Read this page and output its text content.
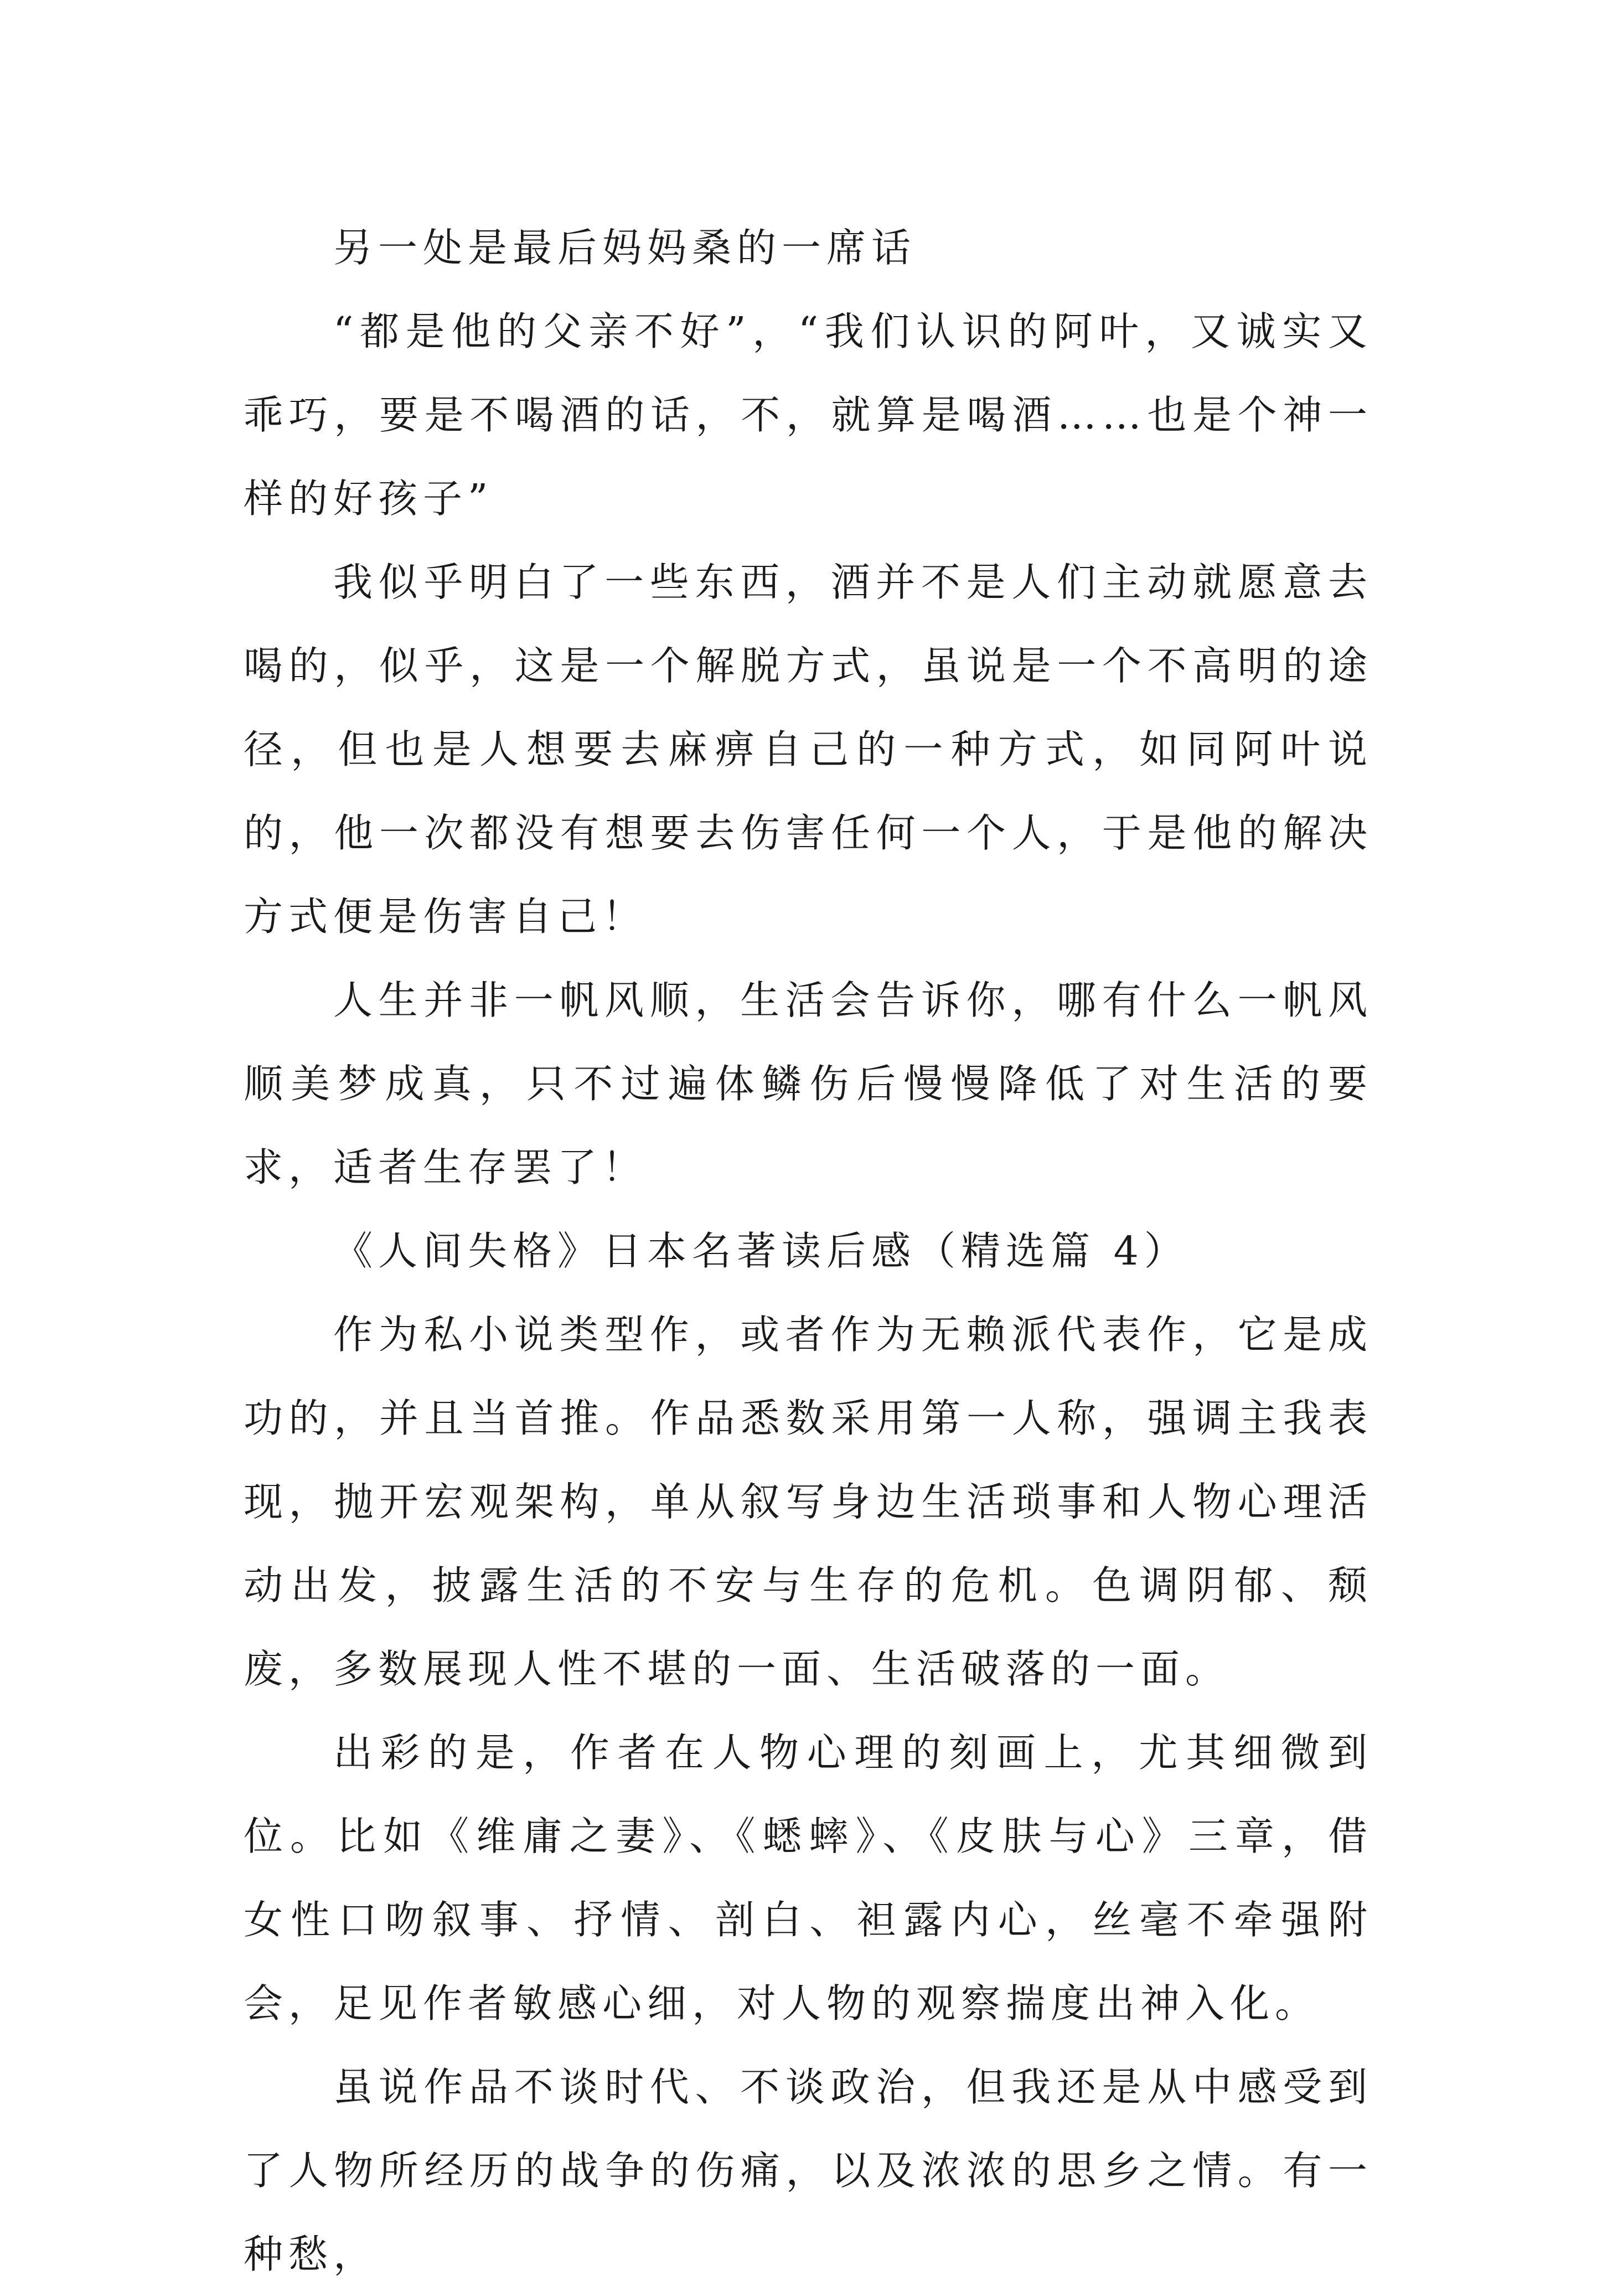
另一处是最后妈妈桑的一席话

“都是他的父亲不好”，“我们认识的阿叶，又诚实又乖巧，要是不喝酒的话，不，就算是喝酒……也是个神一样的好孩子”

我似乎明白了一些东西，酒并不是人们主动就愿意去喝的，似乎，这是一个解脱方式，虽说是一个不高明的途径，但也是人想要去麻痹自己的一种方式，如同阿叶说的，他一次都没有想要去伤害任何一个人，于是他的解决方式便是伤害自己！

人生并非一帆风顺，生活会告诉你，哪有什么一帆风顺美梦成真，只不过遍体鳞伤后慢慢降低了对生活的要求，适者生存罢了！

《人间失格》日本名著读后感（精选篇 4）

作为私小说类型作，或者作为无赖派代表作，它是成功的，并且当首推。作品悉数采用第一人称，强调主我表现，抛开宏观架构，单从叙写身边生活琐事和人物心理活动出发，披露生活的不安与生存的危机。色调阴郁、颓废，多数展现人性不堪的一面、生活破落的一面。

出彩的是，作者在人物心理的刻画上，尤其细微到位。比如《维庸之妻》、《蟋蟀》、《皮肤与心》三章，借女性口吻叙事、抒情、剖白、袒露内心，丝毫不牵强附会，足见作者敏感心细，对人物的观察揣度出神入化。

虽说作品不谈时代、不谈政治，但我还是从中感受到了人物所经历的战争的伤痛，以及浓浓的思乡之情。有一种愁，
